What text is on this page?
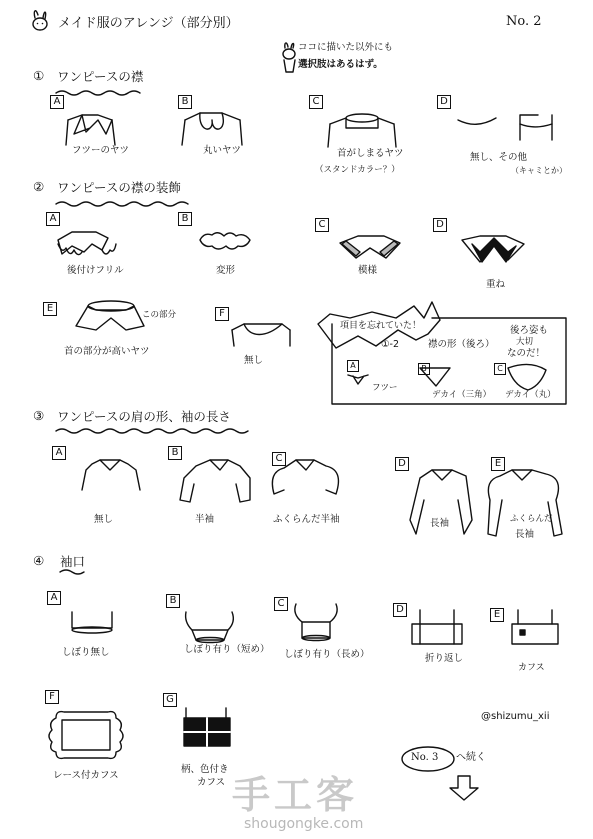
メイド服のアレンジ（部分別）	No. 2
ココに描いた以外にも
選択肢はあるはず。
① ワンピースの襟
A
フツーのヤツ
B
丸いヤツ
C
首がしまるヤツ
（スタンドカラー？）
D
無し、その他
（キャミとか）
② ワンピースの襟の装飾
A
後付けフリル
B
変形
C
模様
D
重ね
E
この部分
首の部分が高いヤツ
F
無し
項目を忘れていた！
①-2	襟の形（後ろ）
後ろ姿も
大切
なのだ！
A
フツー
B
デカイ（三角）
C
デカイ（丸）
③ ワンピースの肩の形、袖の長さ
A
無し
B
半袖
C
ふくらんだ半袖
D
長袖
E
ふくらんだ
長袖
④ 袖口
A
しぼり無し
B
しぼり有り（短め）
C
しぼり有り（長め）
D
折り返し
E
カフス
F
レース付カフス
G
柄、色付き
カフス
@shizumu_xii
No. 3 へ続く
手工客
shougongke.com
